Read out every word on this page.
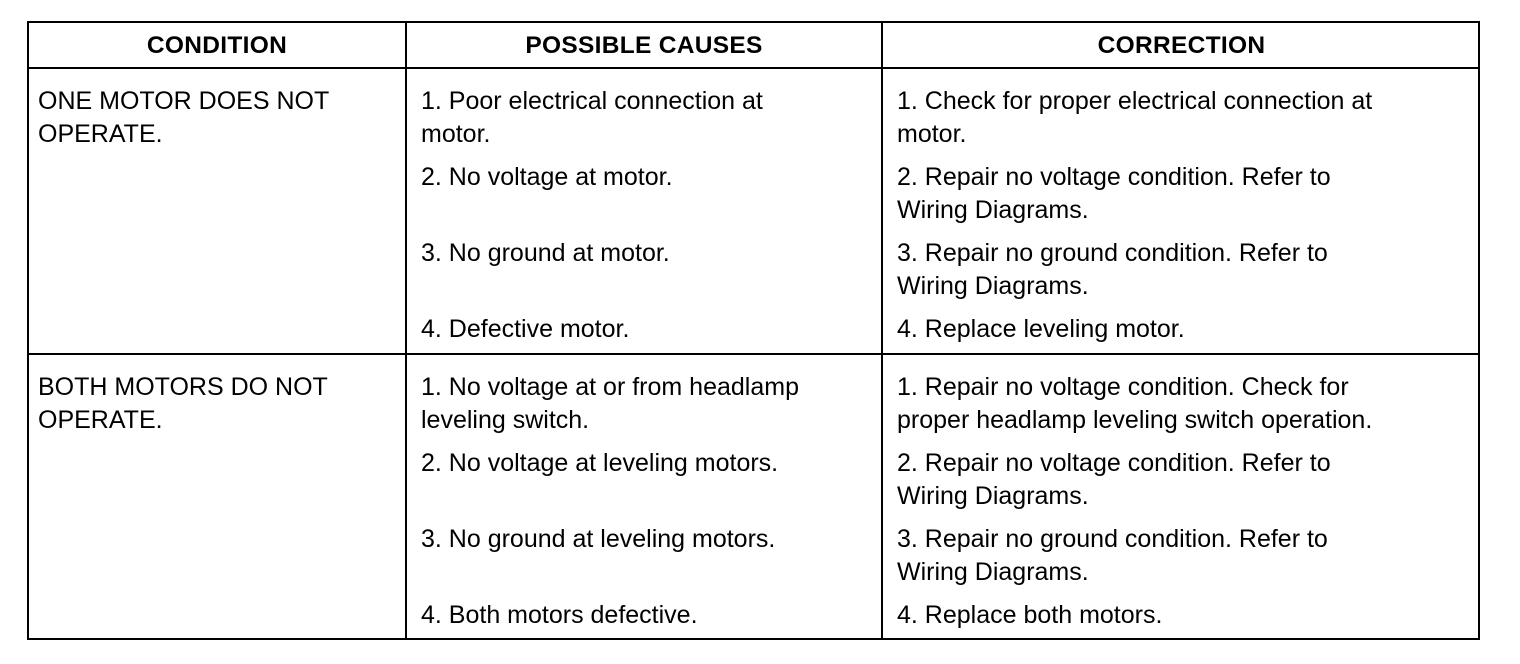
CONDITION	POSSIBLE CAUSES	CORRECTION
ONE MOTOR DOES NOT
OPERATE.
1. Poor electrical connection at
motor.
2. No voltage at motor.
3. No ground at motor.
4. Defective motor.
1. Check for proper electrical connection at
motor.
2. Repair no voltage condition. Refer to
Wiring Diagrams.
3. Repair no ground condition. Refer to
Wiring Diagrams.
4. Replace leveling motor.
BOTH MOTORS DO NOT
OPERATE.
1. No voltage at or from headlamp
leveling switch.
2. No voltage at leveling motors.
3. No ground at leveling motors.
4. Both motors defective.
1. Repair no voltage condition. Check for
proper headlamp leveling switch operation.
2. Repair no voltage condition. Refer to
Wiring Diagrams.
3. Repair no ground condition. Refer to
Wiring Diagrams.
4. Replace both motors.
